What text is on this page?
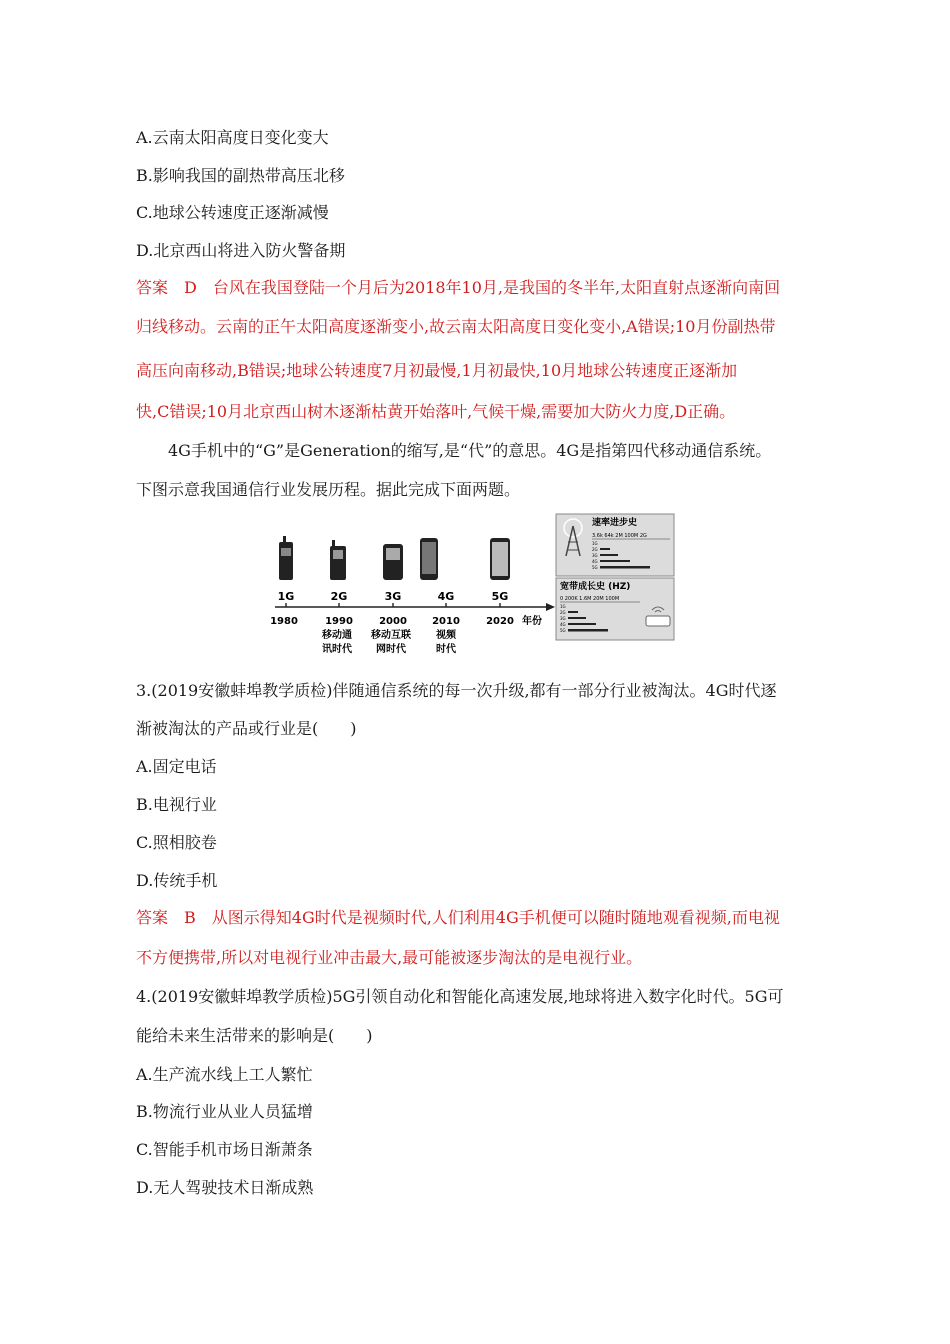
A.云南太阳高度日变化变大
B.影响我国的副热带高压北移
C.地球公转速度正逐渐减慢
D.北京西山将进入防火警备期
答案　D　台风在我国登陆一个月后为2018年10月,是我国的冬半年,太阳直射点逐渐向南回
归线移动。云南的正午太阳高度逐渐变小,故云南太阳高度日变化变小,A错误;10月份副热带
高压向南移动,B错误;地球公转速度7月初最慢,1月初最快,10月地球公转速度正逐渐加
快,C错误;10月北京西山树木逐渐枯黄开始落叶,气候干燥,需要加大防火力度,D正确。
4G手机中的“G”是Generation的缩写,是“代”的意思。4G是指第四代移动通信系统。
下图示意我国通信行业发展历程。据此完成下面两题。
1G	2G	3G	4G	5G
1980	1990	2000	2010	2020 年份
移动通
讯时代
移动互联
网时代
视频
时代
速率进步史
3.6k 64k 2M 100M 2G
1G
2G
3G
4G
5G
宽带成长史 (HZ)
0 200K 1.6M 20M 100M
1G
2G
3G
4G
5G
3.(2019安徽蚌埠教学质检)伴随通信系统的每一次升级,都有一部分行业被淘汰。4G时代逐
渐被淘汰的产品或行业是(　　)
A.固定电话
B.电视行业
C.照相胶卷
D.传统手机
答案　B　从图示得知4G时代是视频时代,人们利用4G手机便可以随时随地观看视频,而电视
不方便携带,所以对电视行业冲击最大,最可能被逐步淘汰的是电视行业。
4.(2019安徽蚌埠教学质检)5G引领自动化和智能化高速发展,地球将进入数字化时代。5G可
能给未来生活带来的影响是(　　)
A.生产流水线上工人繁忙
B.物流行业从业人员猛增
C.智能手机市场日渐萧条
D.无人驾驶技术日渐成熟
